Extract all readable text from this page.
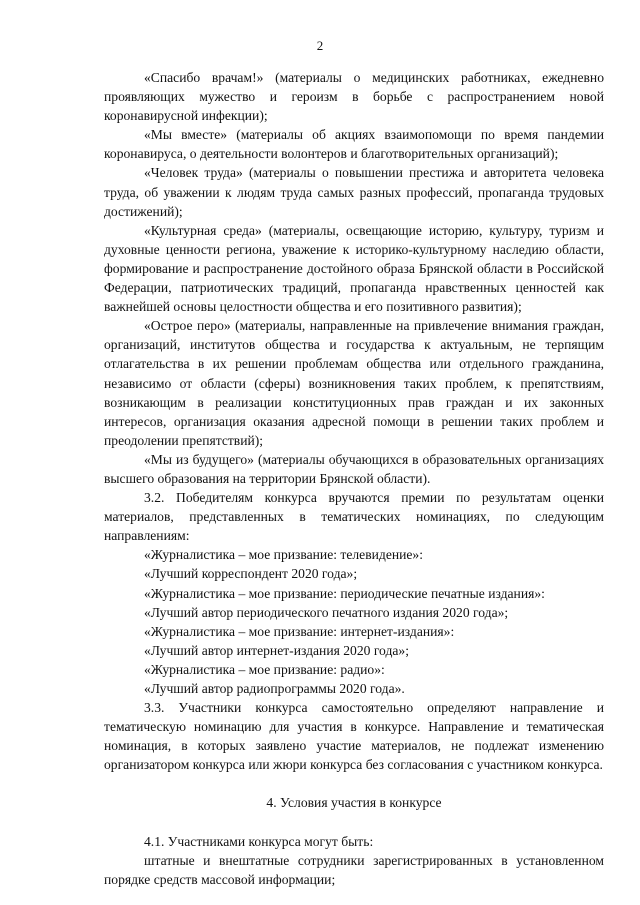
2

«Спасибо врачам!» (материалы о медицинских работниках, ежедневно проявляющих мужество и героизм в борьбе с распространением новой коронавирусной инфекции);

«Мы вместе» (материалы об акциях взаимопомощи по время пандемии коронавируса, о деятельности волонтеров и благотворительных организаций);

«Человек труда» (материалы о повышении престижа и авторитета человека труда, об уважении к людям труда самых разных профессий, пропаганда трудовых достижений);

«Культурная среда» (материалы, освещающие историю, культуру, туризм и духовные ценности региона, уважение к историко-культурному наследию области, формирование и распространение достойного образа Брянской области в Российской Федерации, патриотических традиций, пропаганда нравственных ценностей как важнейшей основы целостности общества и его позитивного развития);

«Острое перо» (материалы, направленные на привлечение внимания граждан, организаций, институтов общества и государства к актуальным, не терпящим отлагательства в их решении проблемам общества или отдельного гражданина, независимо от области (сферы) возникновения таких проблем, к препятствиям, возникающим в реализации конституционных прав граждан и их законных интересов, организация оказания адресной помощи в решении таких проблем и преодолении препятствий);

«Мы из будущего» (материалы обучающихся в образовательных организациях высшего образования на территории Брянской области).

3.2. Победителям конкурса вручаются премии по результатам оценки материалов, представленных в тематических номинациях, по следующим направлениям:

«Журналистика – мое призвание: телевидение»:

«Лучший корреспондент 2020 года»;

«Журналистика – мое призвание: периодические печатные издания»:

«Лучший автор периодического печатного издания 2020 года»;

«Журналистика – мое призвание: интернет-издания»:

«Лучший автор интернет-издания 2020 года»;

«Журналистика – мое призвание: радио»:

«Лучший автор радиопрограммы 2020 года».

3.3. Участники конкурса самостоятельно определяют направление и тематическую номинацию для участия в конкурсе. Направление и тематическая номинация, в которых заявлено участие материалов, не подлежат изменению организатором конкурса или жюри конкурса без согласования с участником конкурса.

4. Условия участия в конкурсе

4.1. Участниками конкурса могут быть:

штатные и внештатные сотрудники зарегистрированных в установленном порядке средств массовой информации;
